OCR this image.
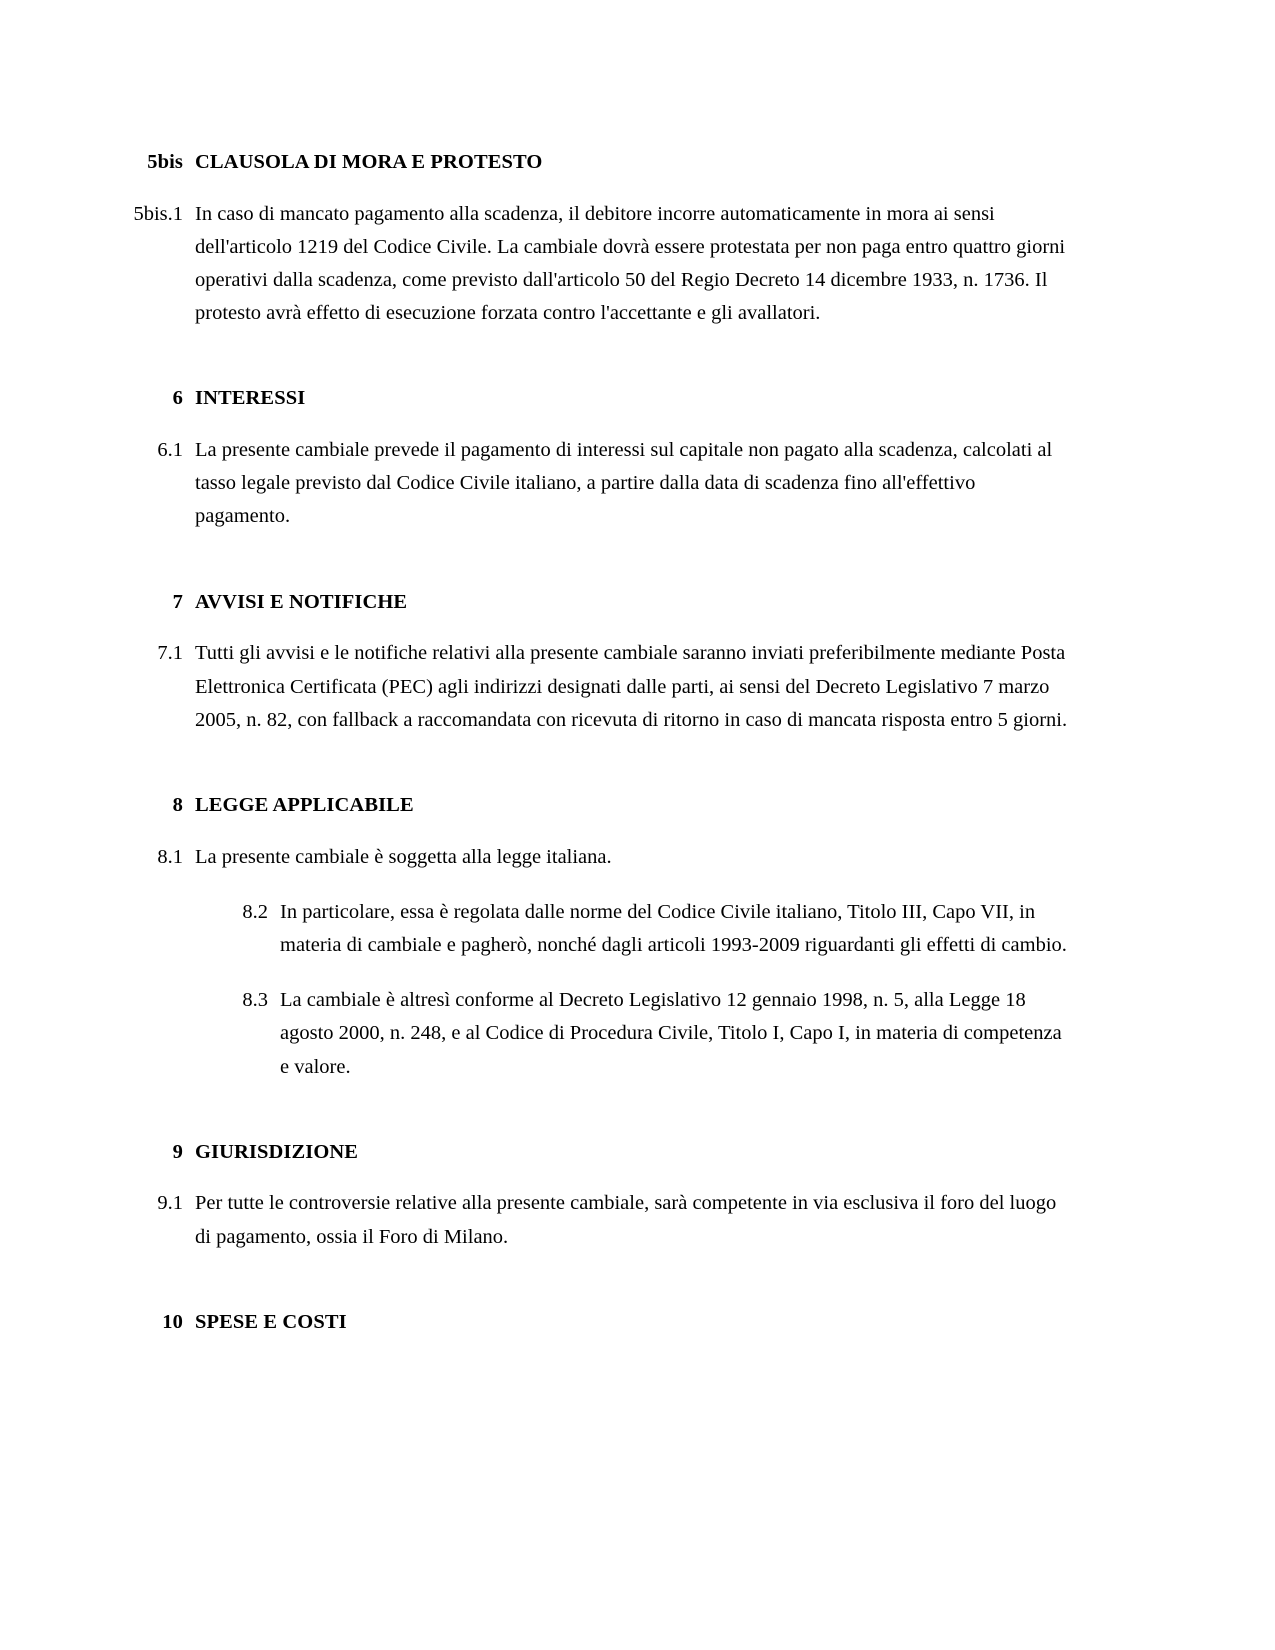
5bis CLAUSOLA DI MORA E PROTESTO
5bis.1 In caso di mancato pagamento alla scadenza, il debitore incorre automaticamente in mora ai sensi dell'articolo 1219 del Codice Civile. La cambiale dovrà essere protestata per non paga entro quattro giorni operativi dalla scadenza, come previsto dall'articolo 50 del Regio Decreto 14 dicembre 1933, n. 1736. Il protesto avrà effetto di esecuzione forzata contro l'accettante e gli avallatori.
6 INTERESSI
6.1 La presente cambiale prevede il pagamento di interessi sul capitale non pagato alla scadenza, calcolati al tasso legale previsto dal Codice Civile italiano, a partire dalla data di scadenza fino all'effettivo pagamento.
7 AVVISI E NOTIFICHE
7.1 Tutti gli avvisi e le notifiche relativi alla presente cambiale saranno inviati preferibilmente mediante Posta Elettronica Certificata (PEC) agli indirizzi designati dalle parti, ai sensi del Decreto Legislativo 7 marzo 2005, n. 82, con fallback a raccomandata con ricevuta di ritorno in caso di mancata risposta entro 5 giorni.
8 LEGGE APPLICABILE
8.1 La presente cambiale è soggetta alla legge italiana.
8.2 In particolare, essa è regolata dalle norme del Codice Civile italiano, Titolo III, Capo VII, in materia di cambiale e pagherò, nonché dagli articoli 1993-2009 riguardanti gli effetti di cambio.
8.3 La cambiale è altresì conforme al Decreto Legislativo 12 gennaio 1998, n. 5, alla Legge 18 agosto 2000, n. 248, e al Codice di Procedura Civile, Titolo I, Capo I, in materia di competenza e valore.
9 GIURISDIZIONE
9.1 Per tutte le controversie relative alla presente cambiale, sarà competente in via esclusiva il foro del luogo di pagamento, ossia il Foro di Milano.
10 SPESE E COSTI
